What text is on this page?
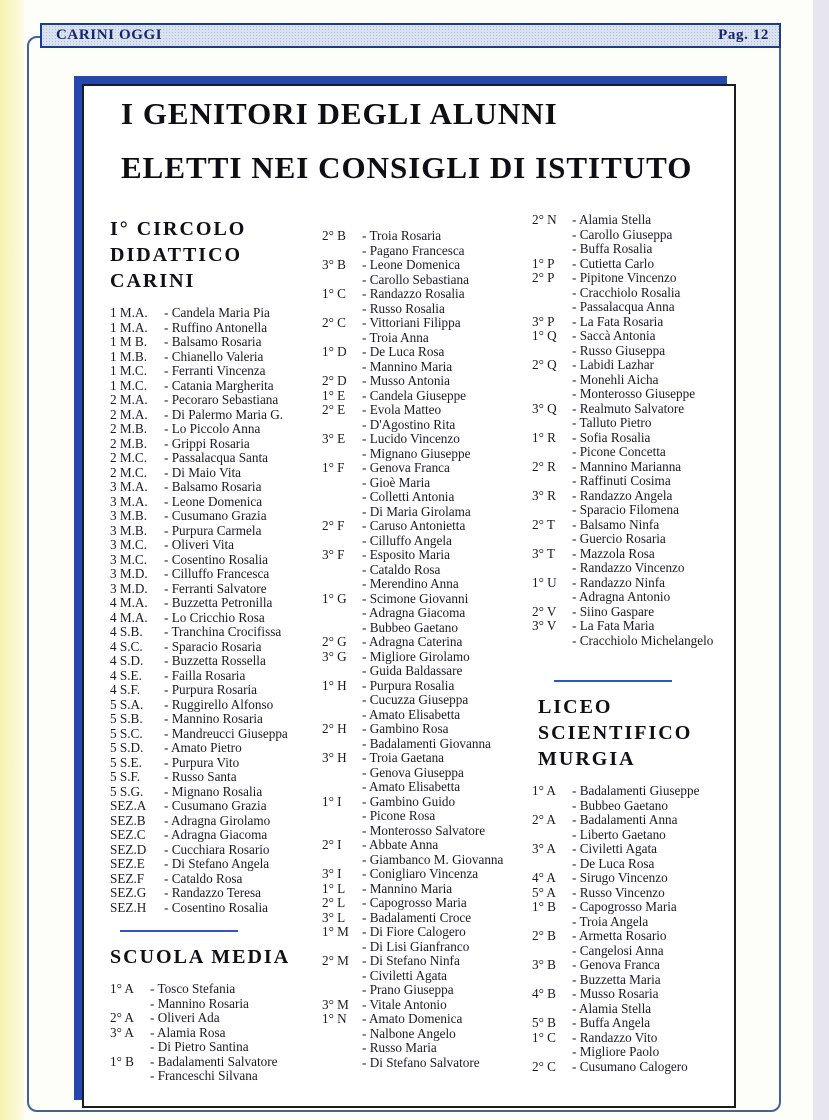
CARINI OGGI	Pag. 12
I GENITORI DEGLI ALUNNI
ELETTI NEI CONSIGLI DI ISTITUTO
I° CIRCOLO
DIDATTICO
CARINI
1 M.A.	- Candela Maria Pia
1 M.A.	- Ruffino Antonella
1 M B.	- Balsamo Rosaria
1 M.B.	- Chianello Valeria
1 M.C.	- Ferranti Vincenza
1 M.C.	- Catania Margherita
2 M.A.	- Pecoraro Sebastiana
2 M.A.	- Di Palermo Maria G.
2 M.B.	- Lo Piccolo Anna
2 M.B.	- Grippi Rosaria
2 M.C.	- Passalacqua Santa
2 M.C.	- Di Maio Vita
3 M.A.	- Balsamo Rosaria
3 M.A.	- Leone Domenica
3 M.B.	- Cusumano Grazia
3 M.B.	- Purpura Carmela
3 M.C.	- Oliveri Vita
3 M.C.	- Cosentino Rosalia
3 M.D.	- Cilluffo Francesca
3 M.D.	- Ferranti Salvatore
4 M.A.	- Buzzetta Petronilla
4 M.A.	- Lo Cricchio Rosa
4 S.B.	- Tranchina Crocifissa
4 S.C.	- Sparacio Rosaria
4 S.D.	- Buzzetta Rossella
4 S.E.	- Failla Rosaria
4 S.F.	- Purpura Rosaria
5 S.A.	- Ruggirello Alfonso
5 S.B.	- Mannino Rosaria
5 S.C.	- Mandreucci Giuseppa
5 S.D.	- Amato Pietro
5 S.E.	- Purpura Vito
5 S.F.	- Russo Santa
5 S.G.	- Mignano Rosalia
SEZ.A	- Cusumano Grazia
SEZ.B	- Adragna Girolamo
SEZ.C	- Adragna Giacoma
SEZ.D	- Cucchiara Rosario
SEZ.E	- Di Stefano Angela
SEZ.F	- Cataldo Rosa
SEZ.G	- Randazzo Teresa
SEZ.H	- Cosentino Rosalia
SCUOLA MEDIA
1° A	- Tosco Stefania
- Mannino Rosaria
2° A	- Oliveri Ada
3° A	- Alamia Rosa
- Di Pietro Santina
1° B	- Badalamenti Salvatore
- Franceschi Silvana
2° B	- Troia Rosaria
- Pagano Francesca
3° B	- Leone Domenica
- Carollo Sebastiana
1° C	- Randazzo Rosalia
- Russo Rosalia
2° C	- Vittoriani Filippa
- Troia Anna
1° D	- De Luca Rosa
- Mannino Maria
2° D	- Musso Antonia
1° E	- Candela Giuseppe
2° E	- Evola Matteo
- D'Agostino Rita
3° E	- Lucido Vincenzo
- Mignano Giuseppe
1° F	- Genova Franca
- Gioè Maria
- Colletti Antonia
- Di Maria Girolama
2° F	- Caruso Antonietta
- Cilluffo Angela
3° F	- Esposito Maria
- Cataldo Rosa
- Merendino Anna
1° G	- Scimone Giovanni
- Adragna Giacoma
- Bubbeo Gaetano
2° G	- Adragna Caterina
3° G	- Migliore Girolamo
- Guida Baldassare
1° H	- Purpura Rosalia
- Cucuzza Giuseppa
- Amato Elisabetta
2° H	- Gambino Rosa
- Badalamenti Giovanna
3° H	- Troia Gaetana
- Genova Giuseppa
- Amato Elisabetta
1° I	- Gambino Guido
- Picone Rosa
- Monterosso Salvatore
2° I	- Abbate Anna
- Giambanco M. Giovanna
3° I	- Conigliaro Vincenza
1° L	- Mannino Maria
2° L	- Capogrosso Maria
3° L	- Badalamenti Croce
1° M	- Di Fiore Calogero
- Di Lisi Gianfranco
2° M	- Di Stefano Ninfa
- Civiletti Agata
- Prano Giuseppa
3° M	- Vitale Antonio
1° N	- Amato Domenica
- Nalbone Angelo
- Russo Maria
- Di Stefano Salvatore
2° N	- Alamia Stella
- Carollo Giuseppa
- Buffa Rosalia
1° P	- Cutietta Carlo
2° P	- Pipitone Vincenzo
- Cracchiolo Rosalia
- Passalacqua Anna
3° P	- La Fata Rosaria
1° Q	- Saccà Antonia
- Russo Giuseppa
2° Q	- Labidi Lazhar
- Monehli Aicha
- Monterosso Giuseppe
3° Q	- Realmuto Salvatore
- Talluto Pietro
1° R	- Sofia Rosalia
- Picone Concetta
2° R	- Mannino Marianna
- Raffinuti Cosima
3° R	- Randazzo Angela
- Sparacio Filomena
2° T	- Balsamo Ninfa
- Guercio Rosaria
3° T	- Mazzola Rosa
- Randazzo Vincenzo
1° U	- Randazzo Ninfa
- Adragna Antonio
2° V	- Siino Gaspare
3° V	- La Fata Maria
- Cracchiolo Michelangelo
LICEO
SCIENTIFICO
MURGIA
1° A	- Badalamenti Giuseppe
- Bubbeo Gaetano
2° A	- Badalamenti Anna
- Liberto Gaetano
3° A	- Civiletti Agata
- De Luca Rosa
4° A	- Sirugo Vincenzo
5° A	- Russo Vincenzo
1° B	- Capogrosso Maria
- Troia Angela
2° B	- Armetta Rosario
- Cangelosi Anna
3° B	- Genova Franca
- Buzzetta Maria
4° B	- Musso Rosaria
- Alamia Stella
5° B	- Buffa Angela
1° C	- Randazzo Vito
- Migliore Paolo
2° C	- Cusumano Calogero
